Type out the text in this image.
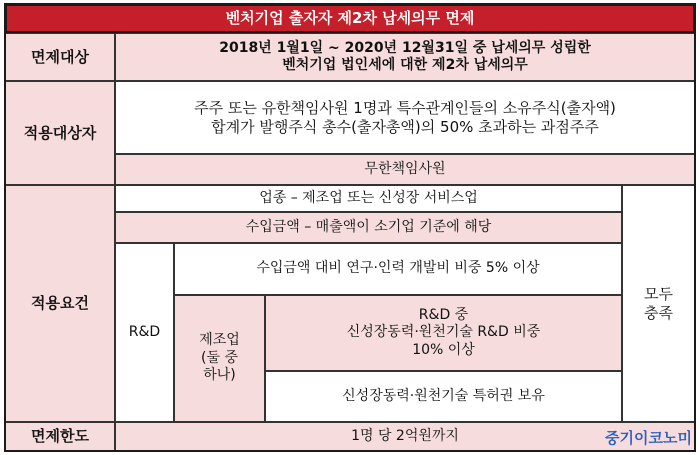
벤처기업 출자자 제2차 납세의무 면제
면제대상
2018년 1월1일 ~ 2020년 12월31일 중 납세의무 성립한
벤처기업 법인세에 대한 제2차 납세의무
적용대상자
주주 또는 유한책임사원 1명과 특수관계인들의 소유주식(출자액)
합계가 발행주식 총수(출자총액)의 50% 초과하는 과점주주
무한책임사원
적용요건
업종 – 제조업 또는 신성장 서비스업
수입금액 – 매출액이 소기업 기준에 해당
R&D
수입금액 대비 연구·인력 개발비 비중 5% 이상
제조업
(둘 중
하나)
R&D 중
신성장동력·원천기술 R&D 비중
10% 이상
신성장동력·원천기술 특허권 보유
모두
충족
면제한도	1명 당 2억원까지	중기이코노미
